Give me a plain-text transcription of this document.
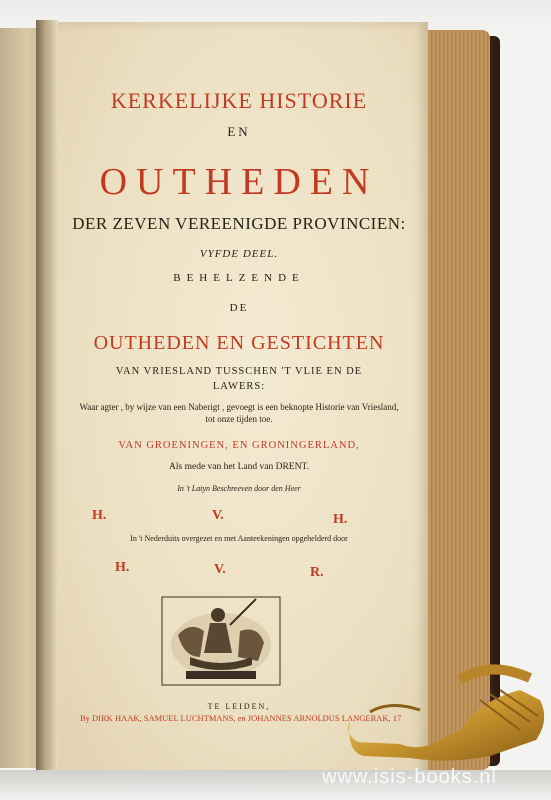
KERKELIJKE HISTORIE
EN
OUTHEDEN
DER ZEVEN VEREENIGDE PROVINCIEN:
VYFDE DEEL.
BEHELZENDE
DE
OUTHEDEN EN GESTICHTEN
VAN VRIESLAND TUSSCHEN 'T VLIE EN DE
LAWERS:
Waar agter , by wijze van een Naberigt , gevoegt is een beknopte Historie van Vriesland,
tot onze tijden toe.
VAN GROENINGEN, EN GRONINGERLAND,
Als mede van het Land van DRENT.
In 't Latyn Beschreeven door den Heer
H.	V.	H.
In 't Nederduits overgezet en met Aanteekeningen opgehelderd door
H.	V.	R.
TE LEIDEN,
By DIRK HAAK, SAMUEL LUCHTMANS, en JOHANNES ARNOLDUS LANGERAK, 17
www.isis-books.nl
